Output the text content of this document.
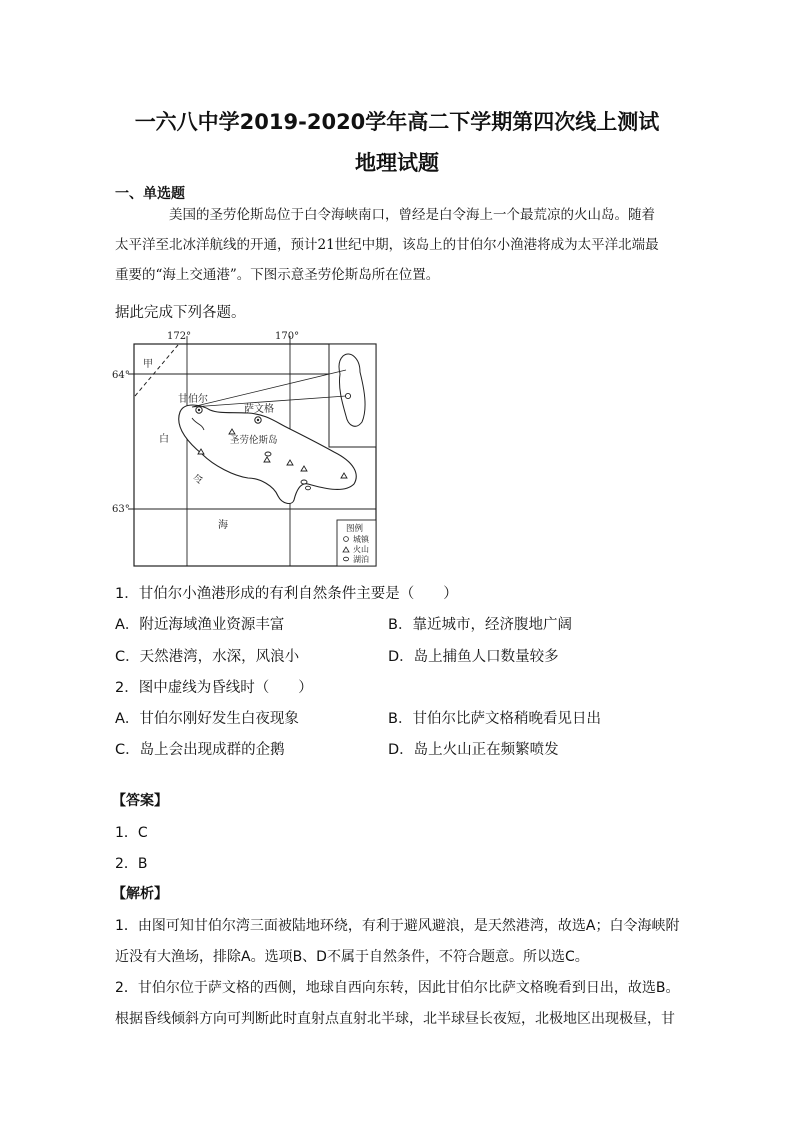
一六八中学2019-2020学年高二下学期第四次线上测试
地理试题
一、单选题

美国的圣劳伦斯岛位于白令海峡南口，曾经是白令海上一个最荒凉的火山岛。随着

太平洋至北冰洋航线的开通，预计21世纪中期，该岛上的甘伯尔小渔港将成为太平洋北端最

重要的“海上交通港”。下图示意圣劳伦斯岛所在位置。

据此完成下列各题。
172°	170°
64°
63°
甲
白
令
海
甘伯尔
萨文格
圣劳伦斯岛
图例
城镇
火山
湖泊
1．甘伯尔小渔港形成的有利自然条件主要是（　　）
A．附近海域渔业资源丰富	B．靠近城市，经济腹地广阔
C．天然港湾，水深，风浪小	D．岛上捕鱼人口数量较多
2．图中虚线为昏线时（　　）
A．甘伯尔刚好发生白夜现象	B．甘伯尔比萨文格稍晚看见日出
C．岛上会出现成群的企鹅	D．岛上火山正在频繁喷发
【答案】
1．C
2．B
【解析】
1．由图可知甘伯尔湾三面被陆地环绕，有利于避风避浪，是天然港湾，故选A；白令海峡附
近没有大渔场，排除A。选项B、D不属于自然条件，不符合题意。所以选C。
2．甘伯尔位于萨文格的西侧，地球自西向东转，因此甘伯尔比萨文格晚看到日出，故选B。
根据昏线倾斜方向可判断此时直射点直射北半球，北半球昼长夜短，北极地区出现极昼，甘
